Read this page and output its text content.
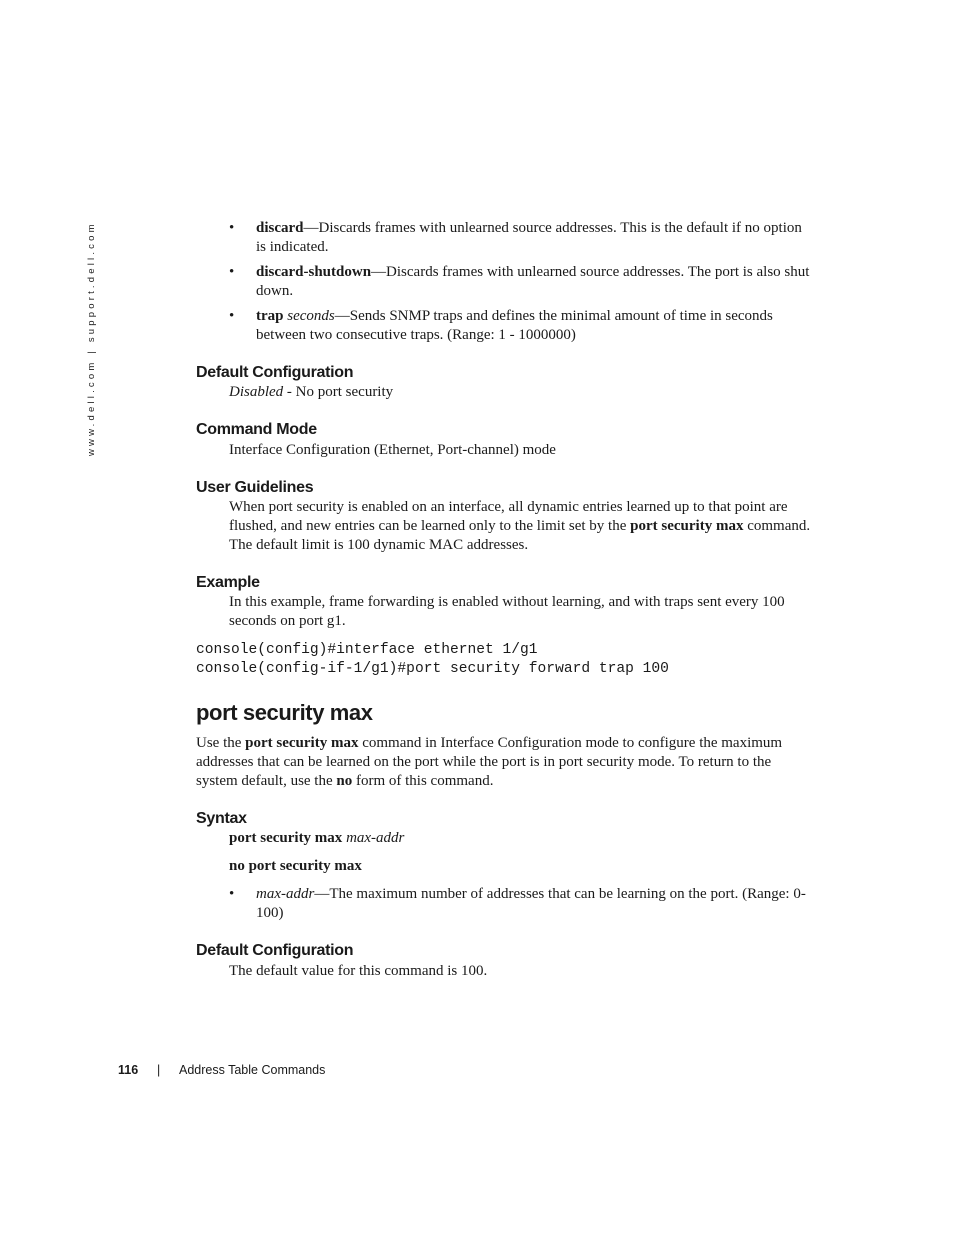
www.dell.com | support.dell.com	• discard—Discards frames with unlearned source addresses. This is the default if no option is indicated.
• discard-shutdown—Discards frames with unlearned source addresses. The port is also shut down.
• trap seconds—Sends SNMP traps and defines the minimal amount of time in seconds between two consecutive traps. (Range: 1 - 1000000)
Default Configuration
Disabled - No port security
Command Mode
Interface Configuration (Ethernet, Port-channel) mode
User Guidelines
When port security is enabled on an interface, all dynamic entries learned up to that point are flushed, and new entries can be learned only to the limit set by the port security max command. The default limit is 100 dynamic MAC addresses.
Example
In this example, frame forwarding is enabled without learning, and with traps sent every 100 seconds on port g1.
console(config)#interface ethernet 1/g1
console(config-if-1/g1)#port security forward trap 100
port security max
Use the port security max command in Interface Configuration mode to configure the maximum addresses that can be learned on the port while the port is in port security mode. To return to the system default, use the no form of this command.
Syntax
port security max max-addr
no port security max
• max-addr—The maximum number of addresses that can be learning on the port. (Range: 0- 100)
Default Configuration
The default value for this command is 100.
116 | Address Table Commands
